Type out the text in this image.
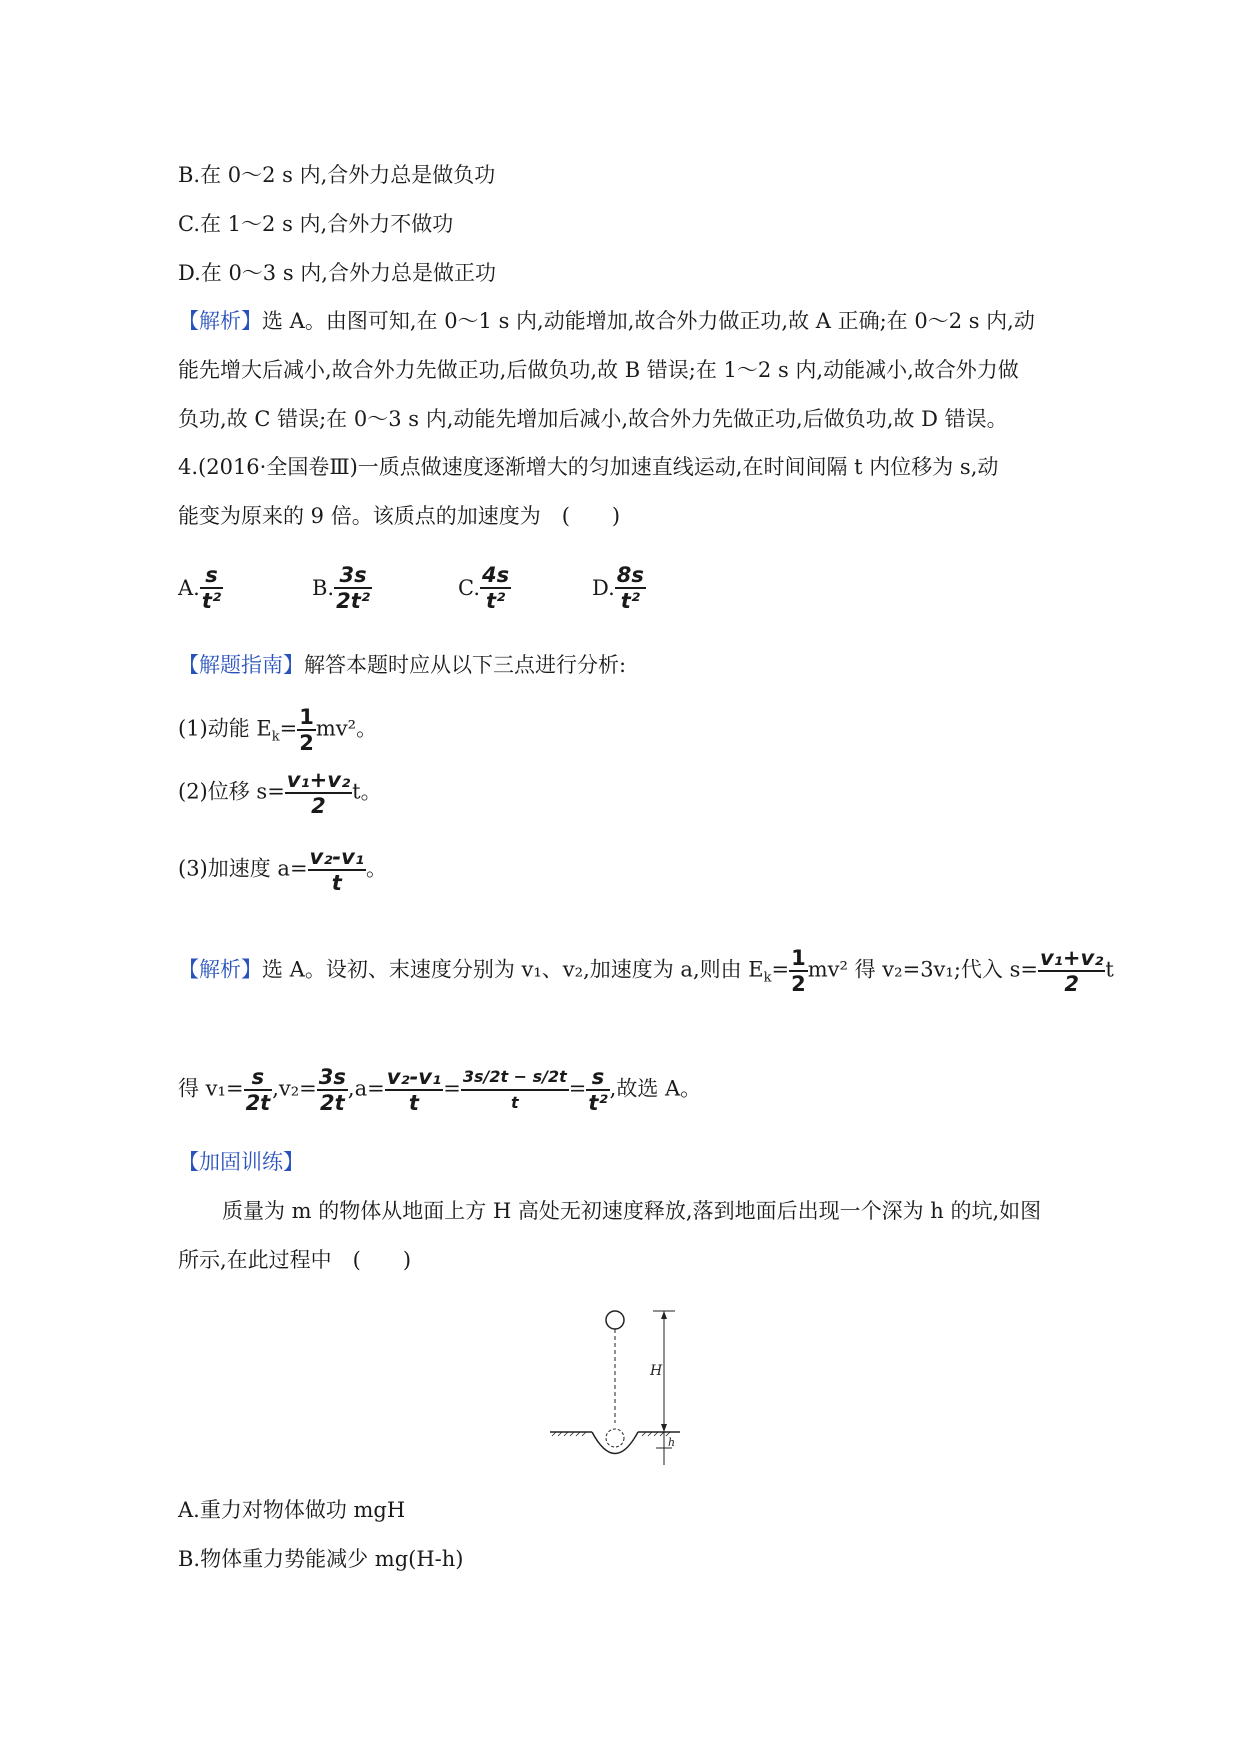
B.在 0～2 s 内,合外力总是做负功
C.在 1～2 s 内,合外力不做功
D.在 0～3 s 内,合外力总是做正功
【解析】选 A。由图可知,在 0～1 s 内,动能增加,故合外力做正功,故 A 正确;在 0～2 s 内,动
能先增大后减小,故合外力先做正功,后做负功,故 B 错误;在 1～2 s 内,动能减小,故合外力做
负功,故 C 错误;在 0～3 s 内,动能先增加后减小,故合外力先做正功,后做负功,故 D 错误。
4.(2016·全国卷Ⅲ)一质点做速度逐渐增大的匀加速直线运动,在时间间隔 t 内位移为 s,动
能变为原来的 9 倍。该质点的加速度为　(　　)
A. $\frac{s}{\text{t²}}$	B. $\frac{3s}{\text{2t²}}$	C. $\frac{4s}{\text{t²}}$	D. $\frac{8s}{\text{t²}}$
【解题指南】解答本题时应从以下三点进行分析:
(1)动能 $E_k= \frac{1}{2} mv^2$。
(2)位移 $s= \frac{\text{v₁+v₂}}{2}$ t。
(3)加速度 $a= \frac{\text{v₂-v₁}}{t}$ 。
【解析】选 A。设初、末速度分别为 v₁、v₂,加速度为 a,则由 $E_k= \frac{1}{2} mv^2$ 得 v₂=3v₁;代入 $s= \frac{\text{v₁+v₂}}{2}$ t
得 $v_1= \frac{s}{2t} ,v_2= \frac{3s}{2t} ,a= \frac{\text{v₂-v₁}}{t} = \frac{3s/2t - s/2t}{t} = \frac{s}{\text{t²}}$ ,故选 A。
【加固训练】
质量为 m 的物体从地面上方 H 高处无初速度释放,落到地面后出现一个深为 h 的坑,如图
所示,在此过程中　(　　)
H
h
A.重力对物体做功 mgH
B.物体重力势能减少 mg(H-h)
